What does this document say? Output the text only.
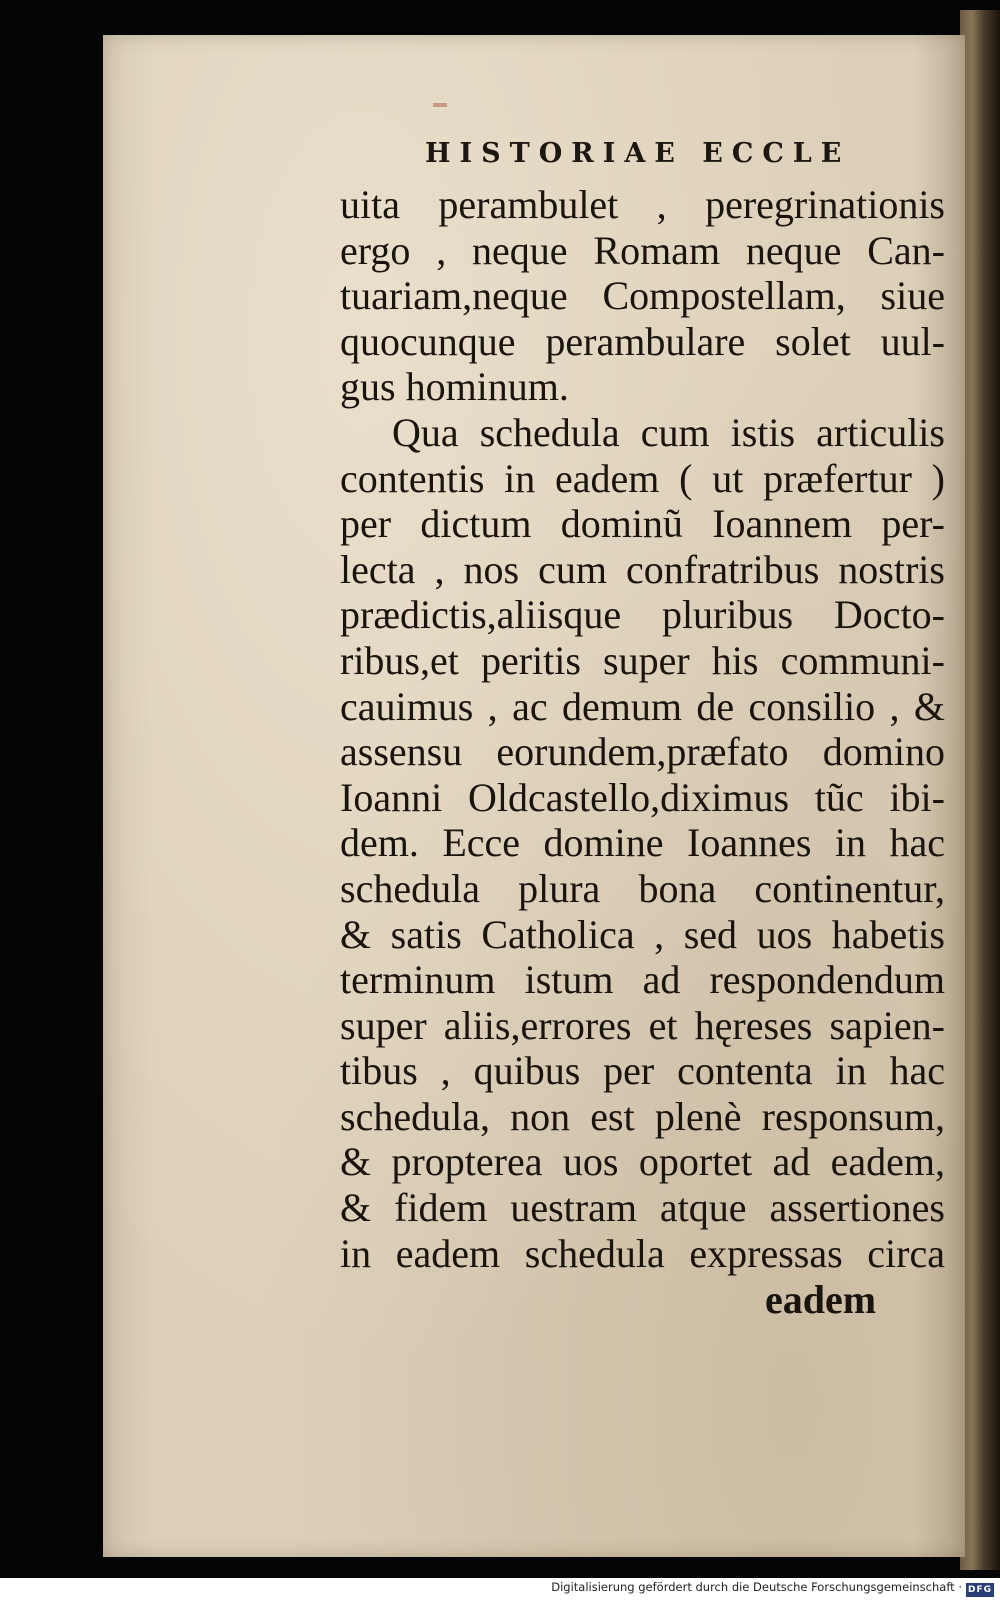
HISTORIAE ECCLE
uita perambulet , peregrinationis
ergo , neque Romam neque Can-
tuariam,neque Compostellam, siue
quocunque perambulare solet uul-
gus hominum.
Qua schedula cum istis articulis
contentis in eadem ( ut præfertur )
per dictum dominũ Ioannem per-
lecta , nos cum confratribus nostris
prædictis,aliisque pluribus Docto-
ribus,et peritis super his communi-
cauimus , ac demum de consilio , &
assensu eorundem,præfato domino
Ioanni Oldcastello,diximus tũc ibi-
dem. Ecce domine Ioannes in hac
schedula plura bona continentur,
& satis Catholica , sed uos habetis
terminum istum ad respondendum
super aliis,errores et hęreses sapien-
tibus , quibus per contenta in hac
schedula, non est plenè responsum,
& propterea uos oportet ad eadem,
& fidem uestram atque assertiones
in eadem schedula expressas circa
eadem
Digitalisierung gefördert durch die Deutsche Forschungsgemeinschaft · DFG
